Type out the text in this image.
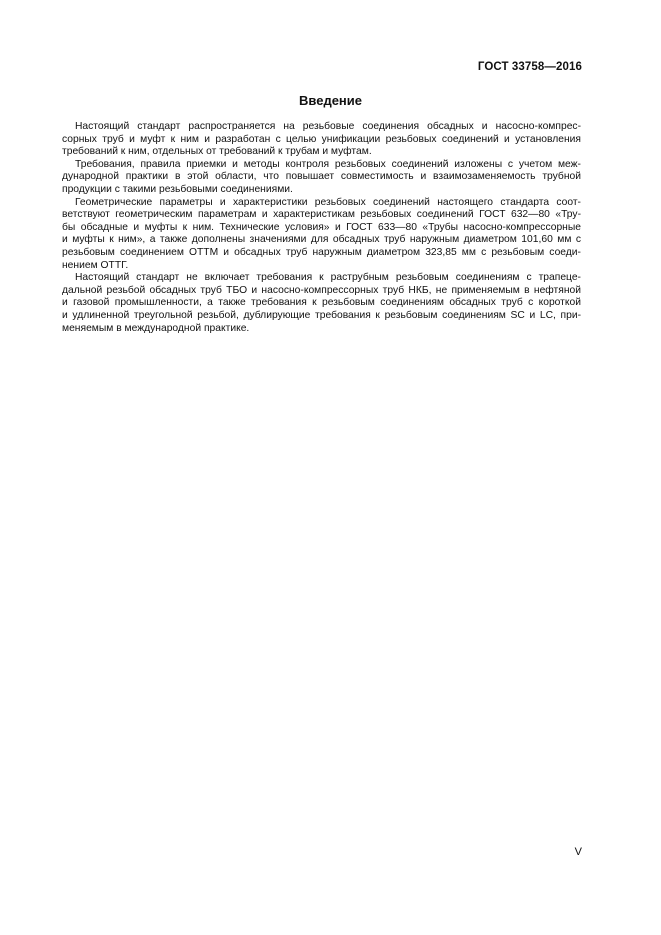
ГОСТ 33758—2016
Введение

Настоящий стандарт распространяется на резьбовые соединения обсадных и насосно-компрес-
сорных труб и муфт к ним и разработан с целью унификации резьбовых соединений и установления
требований к ним, отдельных от требований к трубам и муфтам.

Требования, правила приемки и методы контроля резьбовых соединений изложены с учетом меж-
дународной практики в этой области, что повышает совместимость и взаимозаменяемость трубной
продукции с такими резьбовыми соединениями.

Геометрические параметры и характеристики резьбовых соединений настоящего стандарта соот-
ветствуют геометрическим параметрам и характеристикам резьбовых соединений ГОСТ 632—80 «Тру-
бы обсадные и муфты к ним. Технические условия» и ГОСТ 633—80 «Трубы насосно-компрессорные
и муфты к ним», а также дополнены значениями для обсадных труб наружным диаметром 101,60 мм с
резьбовым соединением ОТТМ и обсадных труб наружным диаметром 323,85 мм с резьбовым соеди-
нением ОТТГ.

Настоящий стандарт не включает требования к раструбным резьбовым соединениям с трапеце-
дальной резьбой обсадных труб ТБО и насосно-компрессорных труб НКБ, не применяемым в нефтяной
и газовой промышленности, а также требования к резьбовым соединениям обсадных труб с короткой
и удлиненной треугольной резьбой, дублирующие требования к резьбовым соединениям SC и LC, при-
меняемым в международной практике.

V
